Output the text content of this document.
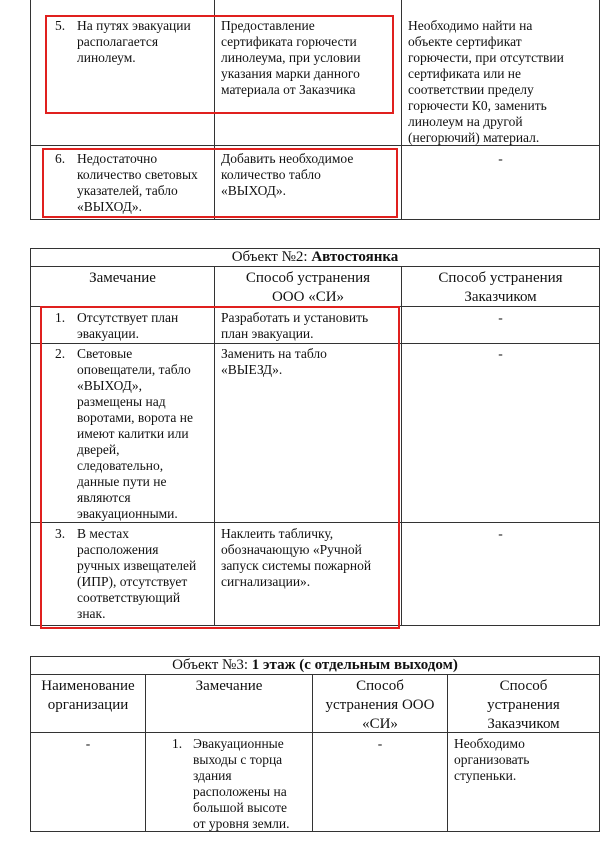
5. На путях эвакуации
располагается
линолеум.
Предоставление
сертификата горючести
линолеума, при условии
указания марки данного
материала от Заказчика
Необходимо найти на
объекте сертификат
горючести, при отсутствии
сертификата или не
соответствии пределу
горючести К0, заменить
линолеум на другой
(негорючий) материал.
6. Недостаточно
количество световых
указателей, табло
«ВЫХОД».
Добавить необходимое
количество табло
«ВЫХОД».
-
Объект №2: Автостоянка
Замечание	Способ устранения
ООО «СИ»
Способ устранения
Заказчиком
1. Отсутствует план
эвакуации.
Разработать и установить
план эвакуации.
-
2. Световые
оповещатели, табло
«ВЫХОД»,
размещены над
воротами, ворота не
имеют калитки или
дверей,
следовательно,
данные пути не
являются
эвакуационными.
Заменить на табло
«ВЫЕЗД».
-
3. В местах
расположения
ручных извещателей
(ИПР), отсутствует
соответствующий
знак.
Наклеить табличку,
обозначающую «Ручной
запуск системы пожарной
сигнализации».
-
Объект №3: 1 этаж (с отдельным выходом)
Наименование
организации
Замечание	Способ
устранения ООО
«СИ»
Способ
устранения
Заказчиком
-	1. Эвакуационные
выходы с торца
здания
расположены на
большой высоте
от уровня земли.
-	Необходимо
организовать
ступеньки.
